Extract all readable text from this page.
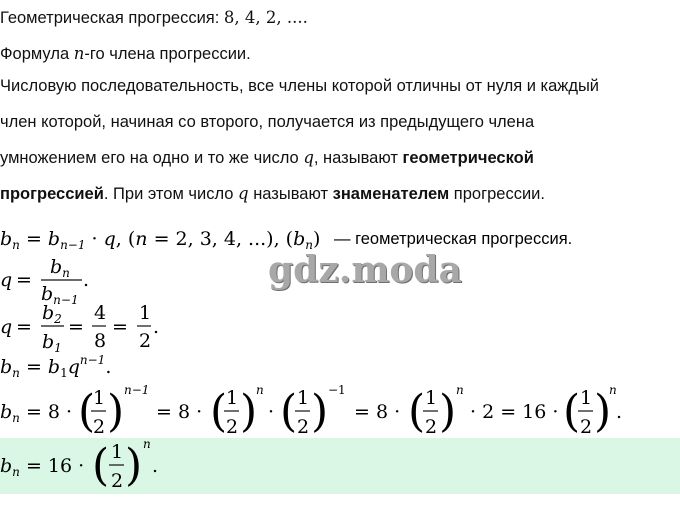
Геометрическая прогрессия: 8, 4, 2, ....
Формула n-го члена прогрессии.
Числовую последовательность, все члены которой отличны от нуля и каждый
член которой, начиная со второго, получается из предыдущего члена
умножением его на одно и то же число q, называют геометрической
прогрессией. При этом число q называют знаменателем прогрессии.
$b_n = b_{n-1} \cdot q$, (n = 2, 3, 4, ...), $(b_n)$ — геометрическая прогрессия.
q =
$b_n$
$b_{n-1}$
.
q =
$b_2$
$b_1$
=
4
8
=
1
2
.
$b_n = b_1q^{n-1}$.
$b_n = 8$ · (
1
2 ) n−1
= 8 · (
1
2 )
n
· ( 1
2 ) −1
= 8 · ( 1
2 ) n
· 2 = 16 · ( 1
2 )
n
.
$b_n = 16$ · ( 1
2 ) n
.
gdz.moda
